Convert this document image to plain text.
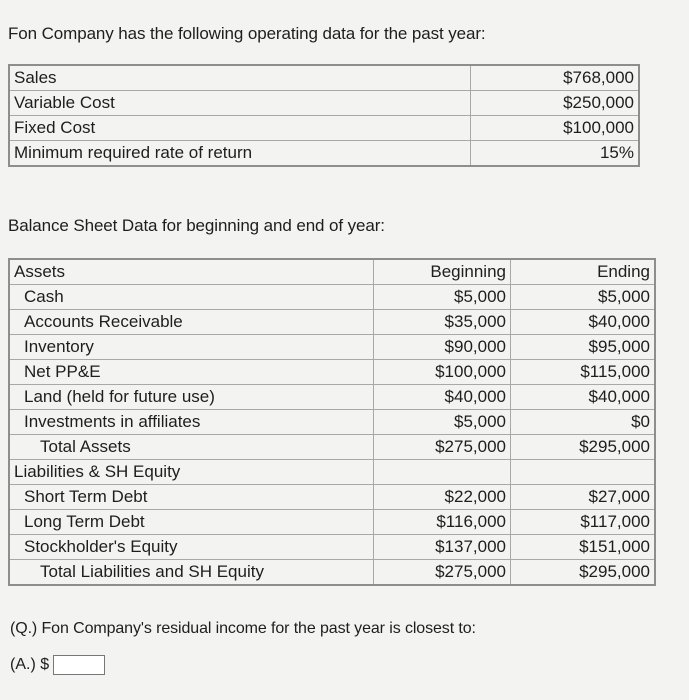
Fon Company has the following operating data for the past year:
Sales	$768,000
Variable Cost	$250,000
Fixed Cost	$100,000
Minimum required rate of return	15%
Balance Sheet Data for beginning and end of year:
Assets	Beginning	Ending
Cash	$5,000	$5,000
Accounts Receivable	$35,000	$40,000
Inventory	$90,000	$95,000
Net PP&E	$100,000	$115,000
Land (held for future use)	$40,000	$40,000
Investments in affiliates	$5,000	$0
Total Assets	$275,000	$295,000
Liabilities & SH Equity		
Short Term Debt	$22,000	$27,000
Long Term Debt	$116,000	$117,000
Stockholder's Equity	$137,000	$151,000
Total Liabilities and SH Equity	$275,000	$295,000
(Q.) Fon Company's residual income for the past year is closest to:
(A.) $
